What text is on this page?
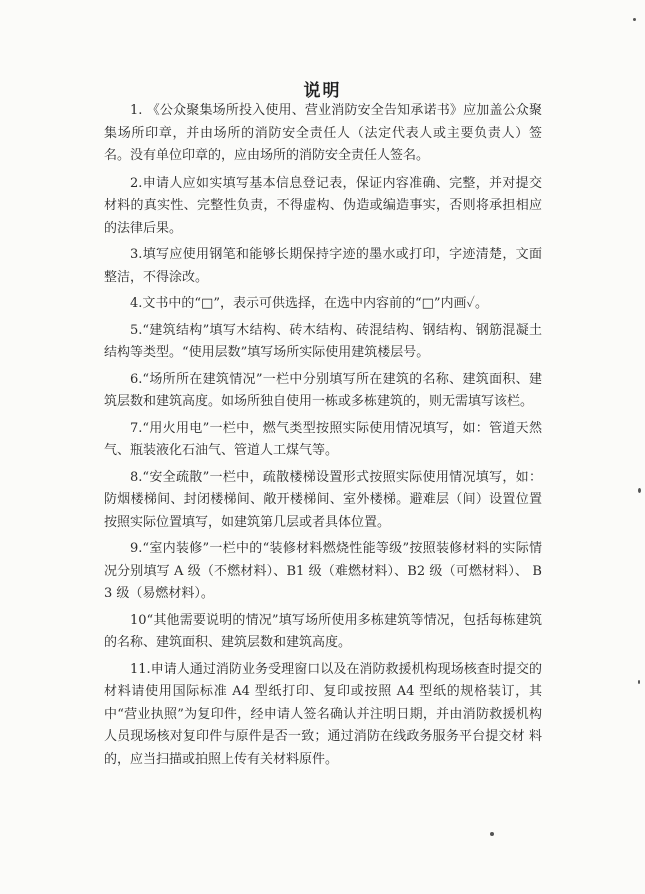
说明

1. 《公众聚集场所投入使用、营业消防安全告知承诺书》应加盖公众聚集场所印章，并由场所的消防安全责任人（法定代表人或主要负责人）签名。没有单位印章的，应由场所的消防安全责任人签名。

2.申请人应如实填写基本信息登记表，保证内容准确、完整，并对提交材料的真实性、完整性负责，不得虚构、伪造或编造事实，否则将承担相应的法律后果。

3.填写应使用钢笔和能够长期保持字迹的墨水或打印，字迹清楚，文面整洁，不得涂改。

4.文书中的“□”，表示可供选择，在选中内容前的“□”内画✓。

5.“建筑结构”填写木结构、砖木结构、砖混结构、钢结构、钢筋混凝土结构等类型。“使用层数”填写场所实际使用建筑楼层号。

6.“场所所在建筑情况”一栏中分别填写所在建筑的名称、建筑面积、建筑层数和建筑高度。如场所独自使用一栋或多栋建筑的，则无需填写该栏。

7.“用火用电”一栏中，燃气类型按照实际使用情况填写，如：管道天然气、瓶装液化石油气、管道人工煤气等。

8.“安全疏散”一栏中，疏散楼梯设置形式按照实际使用情况填写，如：防烟楼梯间、封闭楼梯间、敞开楼梯间、室外楼梯。避难层（间）设置位置按照实际位置填写，如建筑第几层或者具体位置。

9.“室内装修”一栏中的“装修材料燃烧性能等级”按照装修材料的实际情况分别填写 A 级（不燃材料）、B1 级（难燃材料）、B2 级（可燃材料）、 B3 级（易燃材料）。

10“其他需要说明的情况”填写场所使用多栋建筑等情况，包括每栋建筑的名称、建筑面积、建筑层数和建筑高度。

11.申请人通过消防业务受理窗口以及在消防救援机构现场核查时提交的材料请使用国际标准 A4 型纸打印、复印或按照 A4 型纸的规格装订，其中“营业执照”为复印件，经申请人签名确认并注明日期，并由消防救援机构人员现场核对复印件与原件是否一致；通过消防在线政务服务平台提交材 料的，应当扫描或拍照上传有关材料原件。
